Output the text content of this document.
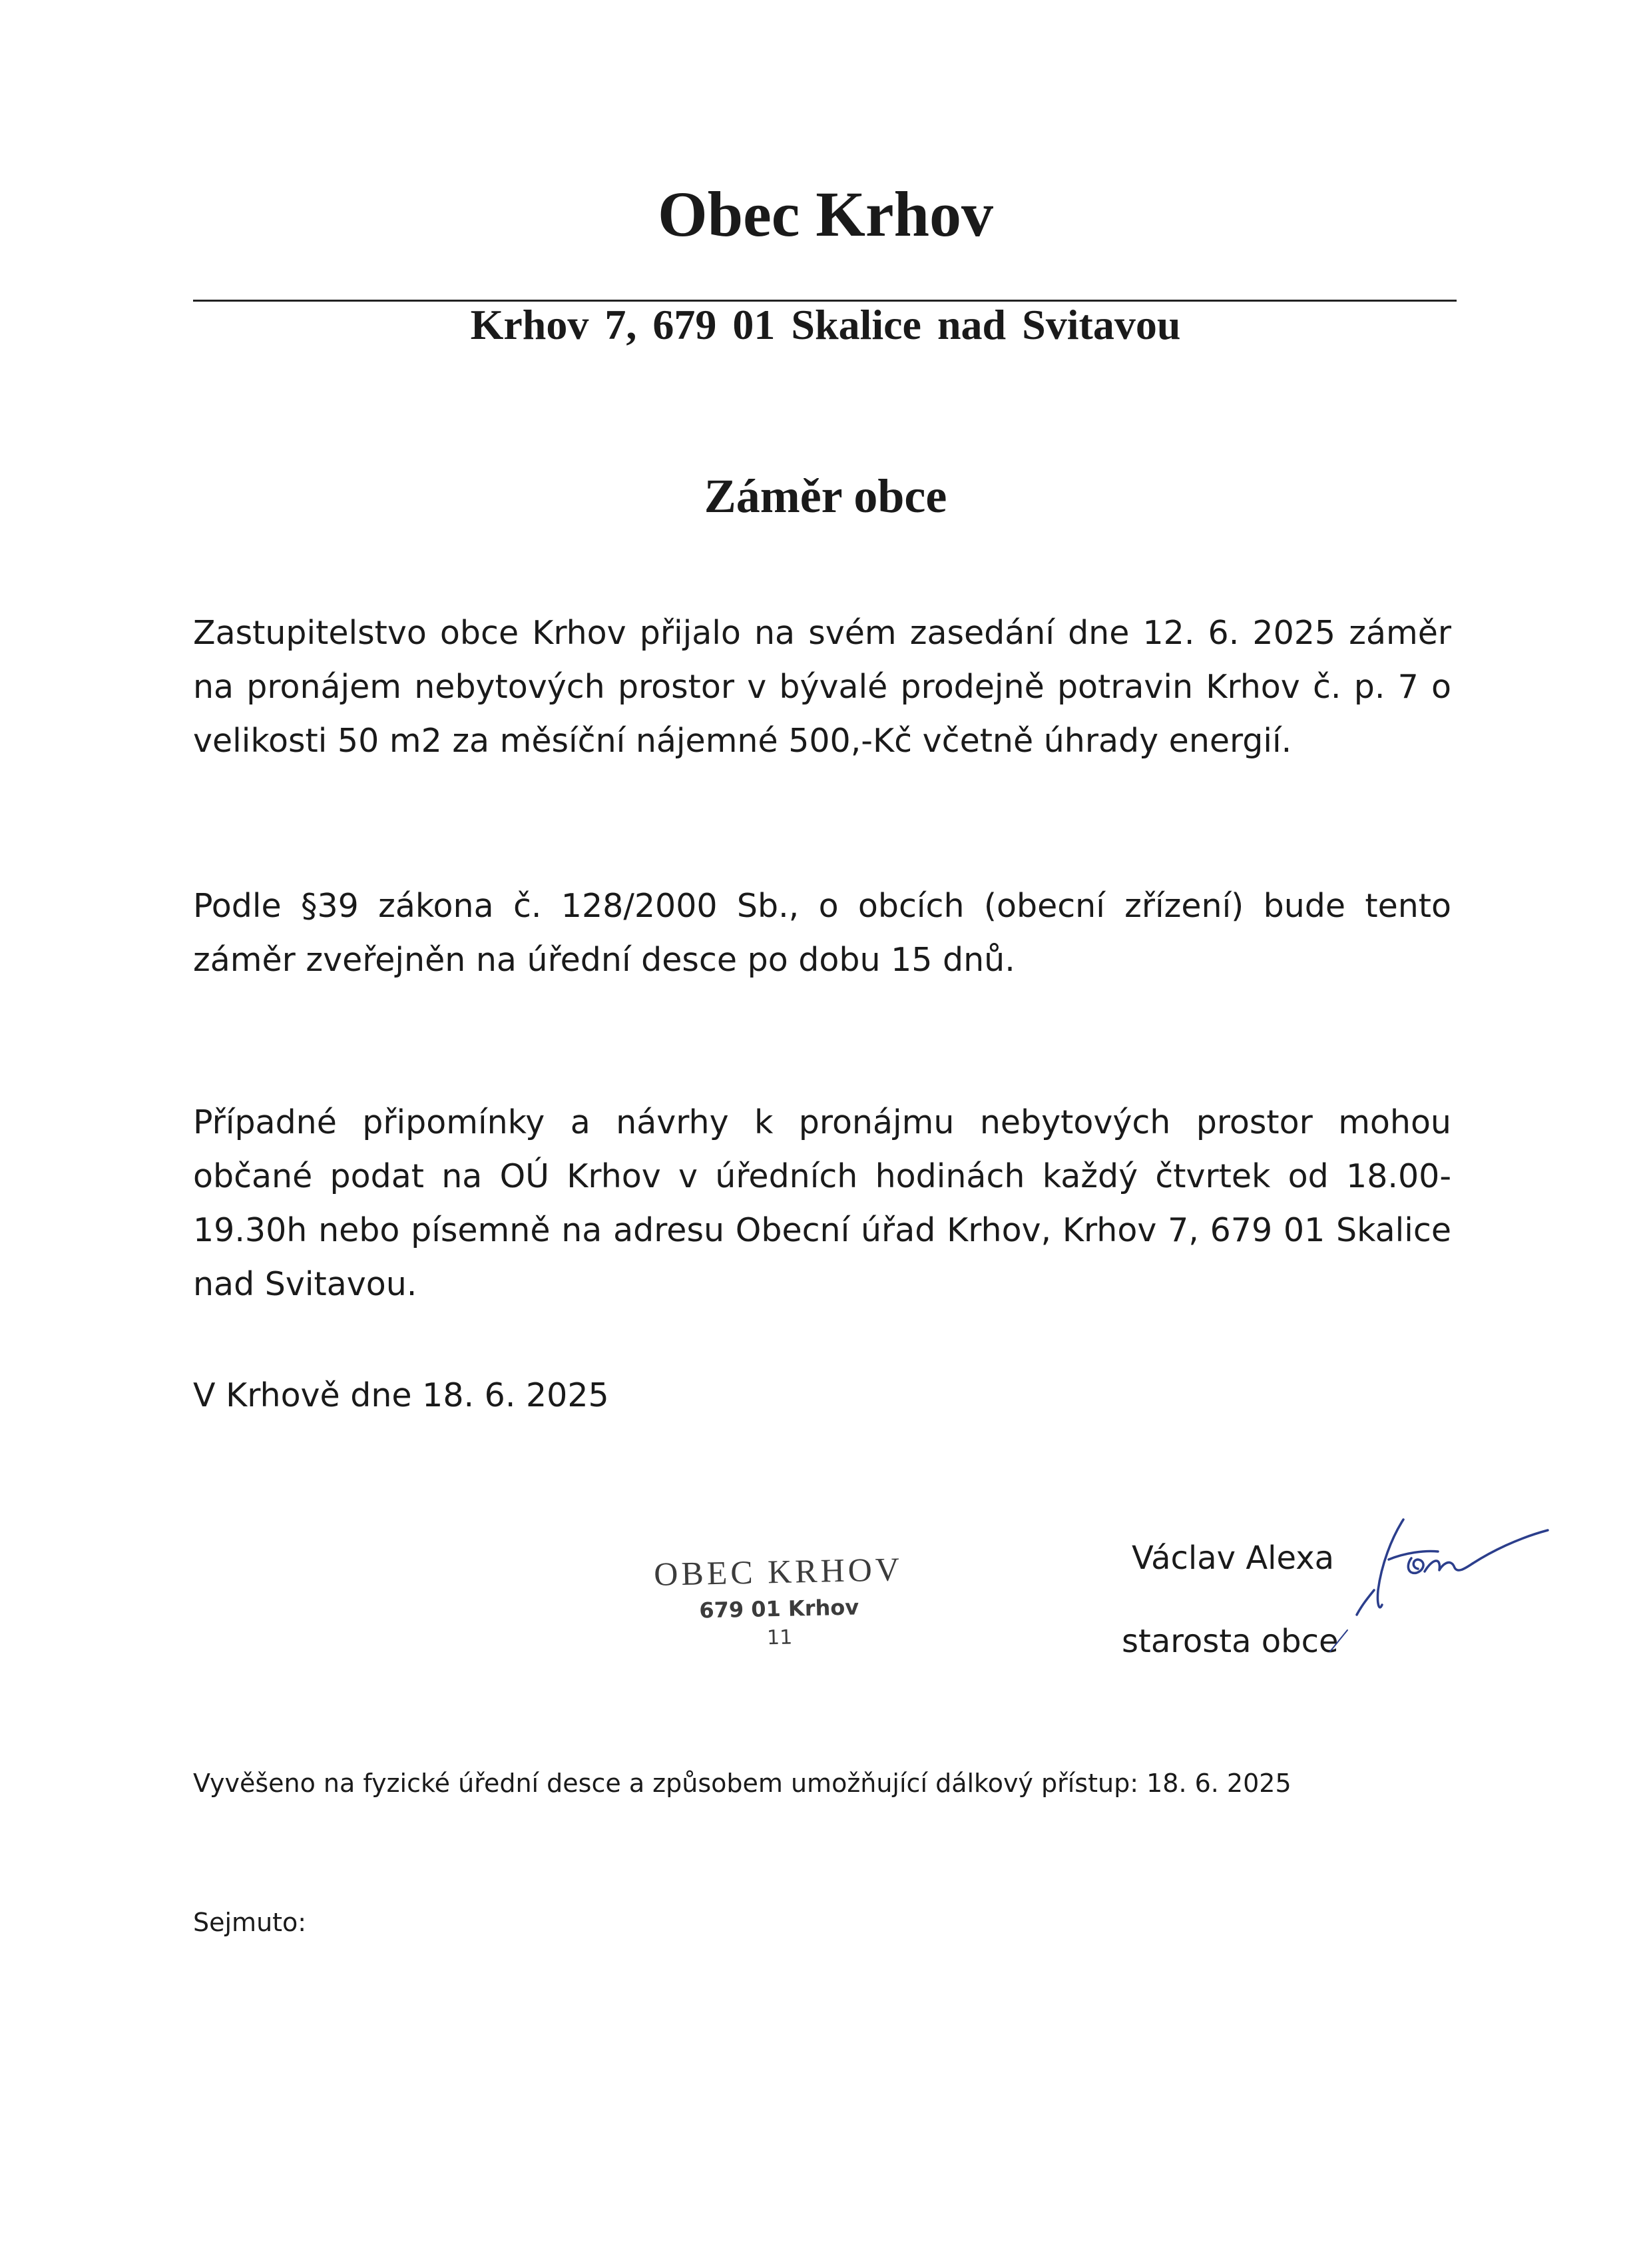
Obec Krhov
Krhov 7, 679 01 Skalice nad Svitavou
Záměr obce

Zastupitelstvo obce Krhov přijalo na svém zasedání dne 12. 6. 2025 záměr na pronájem nebytových prostor v bývalé prodejně potravin Krhov č. p. 7 o velikosti 50 m2 za měsíční nájemné 500,-Kč včetně úhrady energií.

Podle §39 zákona č. 128/2000 Sb., o obcích (obecní zřízení) bude tento záměr zveřejněn na úřední desce po dobu 15 dnů.

Případné připomínky a návrhy k pronájmu nebytových prostor mohou občané podat na OÚ Krhov v úředních hodinách každý čtvrtek od 18.00-19.30h nebo písemně na adresu Obecní úřad Krhov, Krhov 7, 679 01 Skalice nad Svitavou.

V Krhově dne 18. 6. 2025
OBEC KRHOV
679 01 Krhov
11
Václav Alexa
starosta obce
Vyvěšeno na fyzické úřední desce a způsobem umožňující dálkový přístup: 18. 6. 2025
Sejmuto:
